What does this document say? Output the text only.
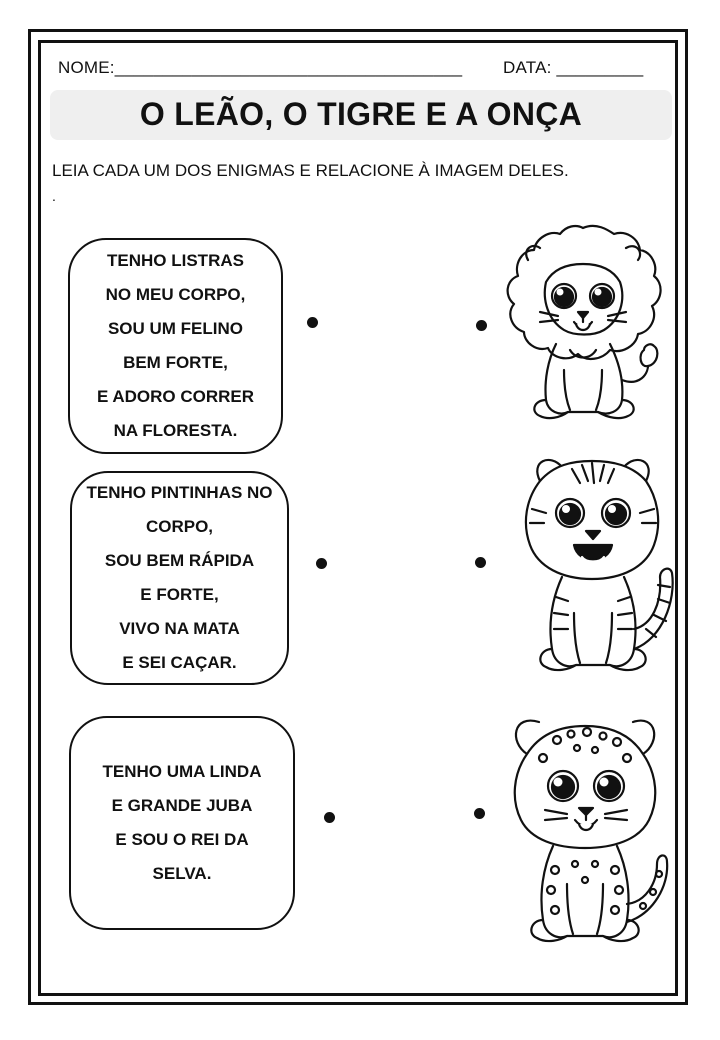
NOME:____________________________________ DATA: _________
O LEÃO, O TIGRE E A ONÇA
LEIA CADA UM DOS ENIGMAS E RELACIONE À IMAGEM DELES.
.
TENHO LISTRAS
NO MEU CORPO,
SOU UM FELINO
BEM FORTE,
E ADORO CORRER
NA FLORESTA.
TENHO PINTINHAS NO
CORPO,
SOU BEM RÁPIDA
E FORTE,
VIVO NA MATA
E SEI CAÇAR.
TENHO UMA LINDA
E GRANDE JUBA
E SOU O REI DA
SELVA.
